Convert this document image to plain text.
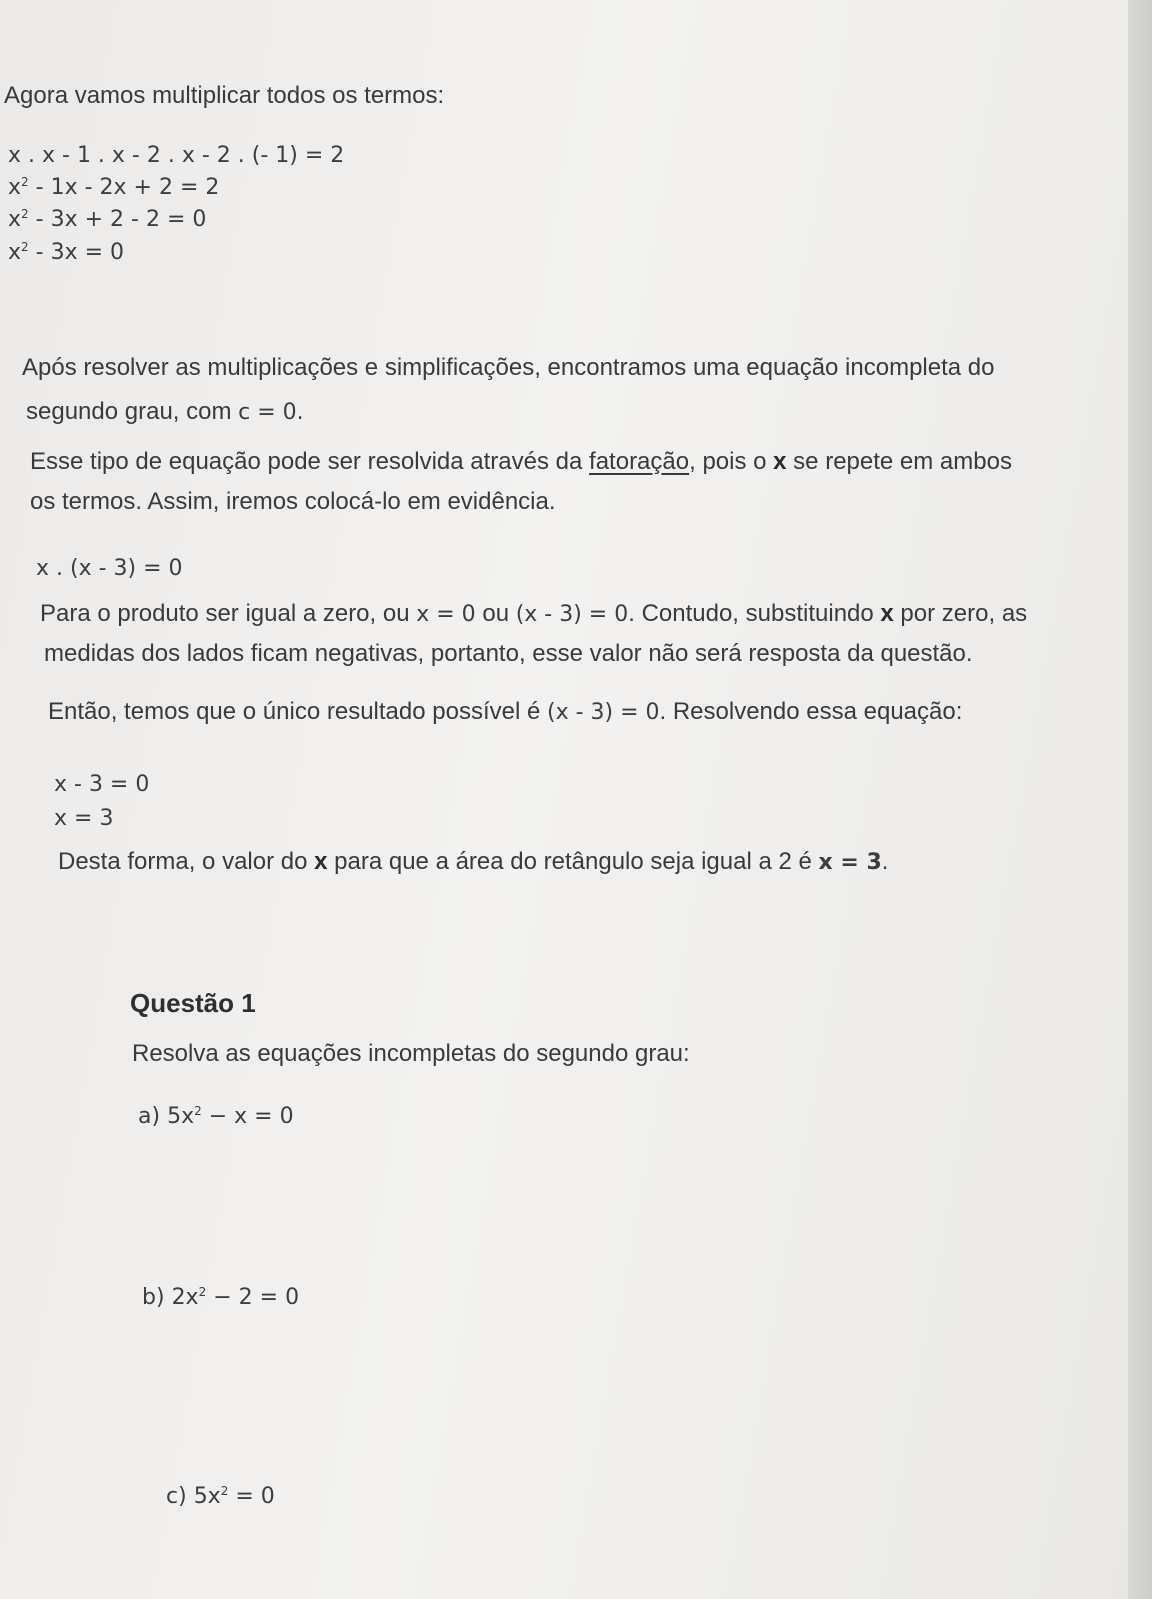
Agora vamos multiplicar todos os termos:
x . x - 1 . x - 2 . x - 2 . (- 1) = 2
$x^2 - 1x - 2x + 2 = 2$
$x^2 - 3x + 2 - 2 = 0$
$x^2 - 3x = 0$
Após resolver as multiplicações e simplificações, encontramos uma equação incompleta do
segundo grau, com c = 0.
Esse tipo de equação pode ser resolvida através da fatoração, pois o x se repete em ambos
os termos. Assim, iremos colocá-lo em evidência.
x . (x - 3) = 0
Para o produto ser igual a zero, ou x = 0 ou (x - 3) = 0. Contudo, substituindo x por zero, as
medidas dos lados ficam negativas, portanto, esse valor não será resposta da questão.
Então, temos que o único resultado possível é (x - 3) = 0. Resolvendo essa equação:
x - 3 = 0
x = 3
Desta forma, o valor do x para que a área do retângulo seja igual a 2 é x = 3.
Questão 1
Resolva as equações incompletas do segundo grau:
a) $5x^2 - x = 0$
b) $2x^2 - 2 = 0$
c) $5x^2 = 0$
